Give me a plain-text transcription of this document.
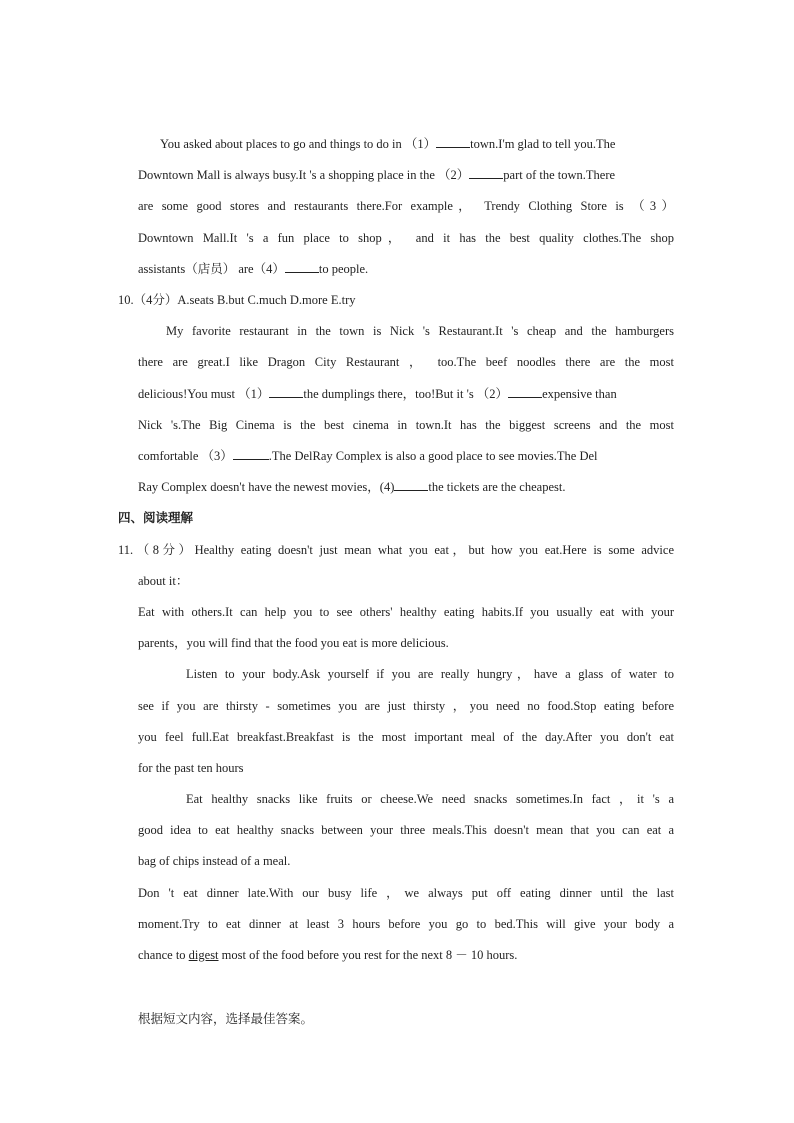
You asked about places to go and things to do in （1）	town.I'm glad to tell you.The
Downtown Mall is always busy.It 's a shopping place in the （2）	part of the town.There
are some good stores and restaurants there.For example， Trendy Clothing Store is （3）
Downtown Mall.It 's a fun place to shop， and it has the best quality clothes.The shop
assistants（店员） are（4）	to people.
10.（4分）A.seats B.but C.much D.more E.try
My favorite restaurant in the town is Nick 's Restaurant.It 's cheap and the hamburgers
there are great.I like Dragon City Restaurant ， too.The beef noodles there are the most
delicious!You must （1）	the dumplings there，too!But it 's （2）	expensive than
Nick 's.The Big Cinema is the best cinema in town.It has the biggest screens and the most
comfortable （3）	.The DelRay Complex is also a good place to see movies.The Del
Ray Complex doesn't have the newest movies，(4)	the tickets are the cheapest.
四、阅读理解
11.（8分）Healthy eating doesn't just mean what you eat，but how you eat.Here is some advice
about it：
Eat with others.It can help you to see others' healthy eating habits.If you usually eat with your
parents，you will find that the food you eat is more delicious.
Listen to your body.Ask yourself if you are really hungry，have a glass of water to
see if you are thirsty - sometimes you are just thirsty ，you need no food.Stop eating before
you feel full.Eat breakfast.Breakfast is the most important meal of the day.After you don't eat
for the past ten hours
Eat healthy snacks like fruits or cheese.We need snacks sometimes.In fact ，it 's a
good idea to eat healthy snacks between your three meals.This doesn't mean that you can eat a
bag of chips instead of a meal.
Don 't eat dinner late.With our busy life ，we always put off eating dinner until the last
moment.Try to eat dinner at least 3 hours before you go to bed.This will give your body a
chance to digest most of the food before you rest for the next 8 － 10 hours.
根据短文内容，选择最佳答案。
